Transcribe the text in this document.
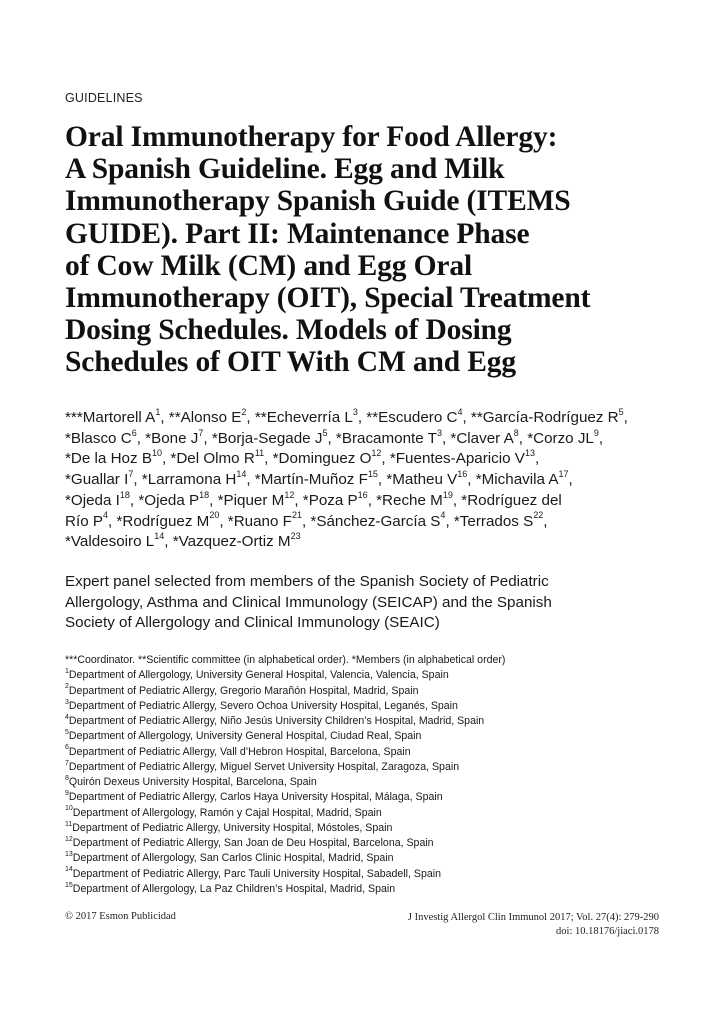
GUIDELINES
Oral Immunotherapy for Food Allergy:
A Spanish Guideline. Egg and Milk
Immunotherapy Spanish Guide (ITEMS
GUIDE). Part II: Maintenance Phase
of Cow Milk (CM) and Egg Oral
Immunotherapy (OIT), Special Treatment
Dosing Schedules. Models of Dosing
Schedules of OIT With CM and Egg
***Martorell $A^1$, **Alonso $E^2$, **Echeverría $L^3$, **Escudero $C^4$, **García-Rodríguez $R^5$,
*Blasco $C^6$, *Bone $J^7$, *Borja-Segade $J^5$, *Bracamonte $T^3$, *Claver $A^8$, *Corzo $JL^9$,
*De la Hoz $B^{10}$, *Del Olmo $R^{11}$, *Dominguez $O^{12}$, *Fuentes-Aparicio $V^{13}$,
*Guallar $I^7$, *Larramona $H^{14}$, *Martín-Muñoz $F^{15}$, *Matheu $V^{16}$, *Michavila $A^{17}$,
*Ojeda $I^{18}$, *Ojeda $P^{18}$, *Piquer $M^{12}$, *Poza $P^{16}$, *Reche $M^{19}$, *Rodríguez del
Río $P^4$, *Rodríguez $M^{20}$, *Ruano $F^{21}$, *Sánchez-García $S^4$, *Terrados $S^{22}$,
*Valdesoiro $L^{14}$, *Vazquez-Ortiz $M^{23}$
Expert panel selected from members of the Spanish Society of Pediatric
Allergology, Asthma and Clinical Immunology (SEICAP) and the Spanish
Society of Allergology and Clinical Immunology (SEAIC)
***Coordinator. **Scientific committee (in alphabetical order). *Members (in alphabetical order)
$^1$Department of Allergology, University General Hospital, Valencia, Valencia, Spain
$^2$Department of Pediatric Allergy, Gregorio Marañón Hospital, Madrid, Spain
$^3$Department of Pediatric Allergy, Severo Ochoa University Hospital, Leganés, Spain
$^4$Department of Pediatric Allergy, Niño Jesús University Children’s Hospital, Madrid, Spain
$^5$Department of Allergology, University General Hospital, Ciudad Real, Spain
$^6$Department of Pediatric Allergy, Vall d’Hebron Hospital, Barcelona, Spain
$^7$Department of Pediatric Allergy, Miguel Servet University Hospital, Zaragoza, Spain
$^8$Quirón Dexeus University Hospital, Barcelona, Spain
$^9$Department of Pediatric Allergy, Carlos Haya University Hospital, Málaga, Spain
$^{10}$Department of Allergology, Ramón y Cajal Hospital, Madrid, Spain
$^{11}$Department of Pediatric Allergy, University Hospital, Móstoles, Spain
$^{12}$Department of Pediatric Allergy, San Joan de Deu Hospital, Barcelona, Spain
$^{13}$Department of Allergology, San Carlos Clinic Hospital, Madrid, Spain
$^{14}$Department of Pediatric Allergy, Parc Tauli University Hospital, Sabadell, Spain
$^{15}$Department of Allergology, La Paz Children’s Hospital, Madrid, Spain
© 2017 Esmon Publicidad	J Investig Allergol Clin Immunol 2017; Vol. 27(4): 279-290
doi: 10.18176/jiaci.0178
